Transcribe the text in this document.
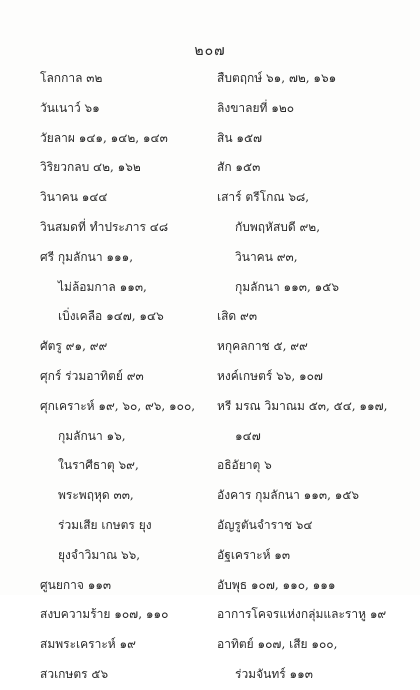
๒๐๗
โลกกาล ๓๒
วันเนาว์ ๖๑
วัยลาผ ๑๔๑, ๑๔๒, ๑๔๓
วิริยวกลบ ๔๒, ๑๖๒
วินาคน ๑๔๔
วินสมดที่ ทำประภาร ๔๘
ศรี กุมลักนา ๑๑๑,
ไม่ล้อมกาล ๑๑๓,
เบิ่งเคลือ ๑๔๗, ๑๔๖
ศัตรู ๙๑, ๙๙
ศุกร์ ร่วมอาทิตย์ ๙๓
ศุกเคราะห์ ๑๙, ๖๐, ๙๖, ๑๐๐,
กุมลักนา ๑๖,
ในราศีธาตุ ๖๙,
พระพฤหุด ๓๓,
ร่วมเสีย เกษตร ยุง
ยุงจำวิมาณ ๖๖,
ศูนยกาจ ๑๑๓
สงบความร้าย ๑๐๗, ๑๑๐
สมพระเคราะห์ ๑๙
สวเกษตร ๕๖
สืบตฤกษ์ ๖๑, ๗๒, ๑๖๑
ลิงขาลยที่ ๑๒๐
สิน ๑๕๗
สัก ๑๕๓
เสาร์ ตรีโกณ ๖๘,
กับพฤหัสบดี ๙๒,
วินาคน ๙๓,
กุมลักนา ๑๑๓, ๑๕๖
เสิด ๙๓
หกุคลกาช ๕, ๙๙
หงค์เกษตร์ ๖๖, ๑๐๗
หรี มรณ วิมาณม ๕๓, ๕๔, ๑๑๗,
๑๔๗
อธิอัยาตุ ๖
อังคาร กุมลักนา ๑๑๓, ๑๕๖
อัญรูตันจำราช ๖๔
อัฐเคราะห์ ๑๓
อับพุธ ๑๐๗, ๑๑๐, ๑๑๑
อาการโคจรแห่งกลุ่มและราหู ๑๙
อาทิตย์ ๑๐๗, เสีย ๑๐๐,
ร่วมจันทร์ ๑๑๓
